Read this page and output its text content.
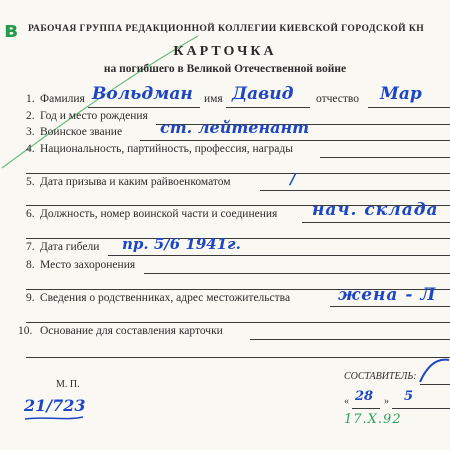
в	РАБОЧАЯ ГРУППА РЕДАКЦИОННОЙ КОЛЛЕГИИ КИЕВСКОЙ ГОРОДСКОЙ КН
КАРТОЧКА
на погибшего в Великой Отечественной войне
1. Фамилия Вольдман имя Давид отчество Мар
2. Год и место рождения
3. Воинское звание ст. лейтенант
4. Национальность, партийность, профессия, награды
5. Дата призыва и каким райвоенкоматом	/
6. Должность, номер воинской части и соединения нач. склада
7. Дата гибели пр. 5/6 1941г.
8. Место захоронения
9. Сведения о родственниках, адрес местожительства	жена - Л
10. Основание для составления карточки
М. П.
СОСТАВИТЕЛЬ:
« 28 » 5
21/723
17.Х.92
